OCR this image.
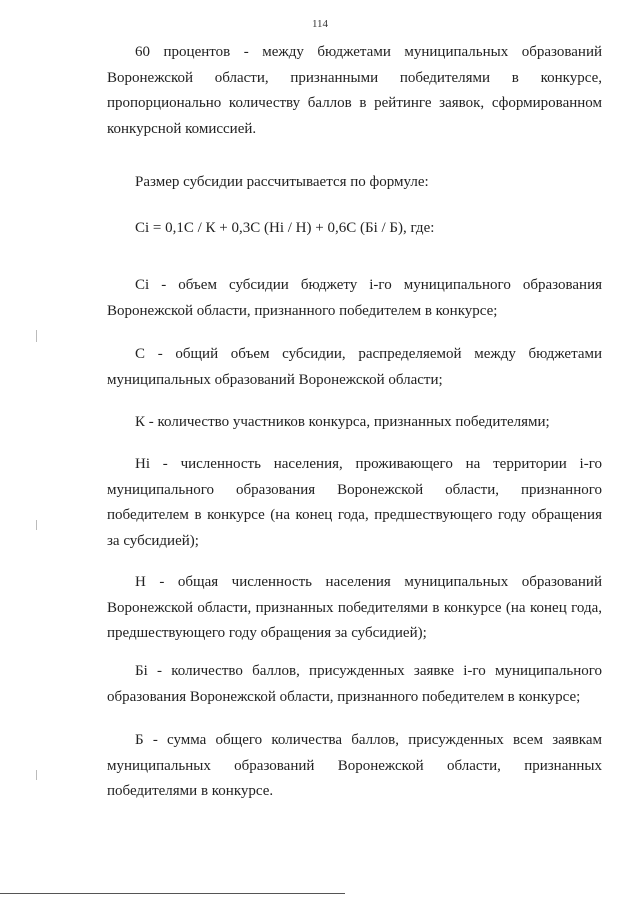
114

60 процентов - между бюджетами муниципальных образований Воронежской области, признанными победителями в конкурсе, пропорционально количеству баллов в рейтинге заявок, сформированном конкурсной комиссией.

Размер субсидии рассчитывается по формуле:

Ci = 0,1С / К + 0,3С (Hi / Н) + 0,6С (Бi / Б), где:

Ci - объем субсидии бюджету i-го муниципального образования Воронежской области, признанного победителем в конкурсе;

С - общий объем субсидии, распределяемой между бюджетами муниципальных образований Воронежской области;

К - количество участников конкурса, признанных победителями;

Hi - численность населения, проживающего на территории i-го муниципального образования Воронежской области, признанного победителем в конкурсе (на конец года, предшествующего году обращения за субсидией);

Н - общая численность населения муниципальных образований Воронежской области, признанных победителями в конкурсе (на конец года, предшествующего году обращения за субсидией);

Бi - количество баллов, присужденных заявке i-го муниципального образования Воронежской области, признанного победителем в конкурсе;

Б - сумма общего количества баллов, присужденных всем заявкам муниципальных образований Воронежской области, признанных победителями в конкурсе.
